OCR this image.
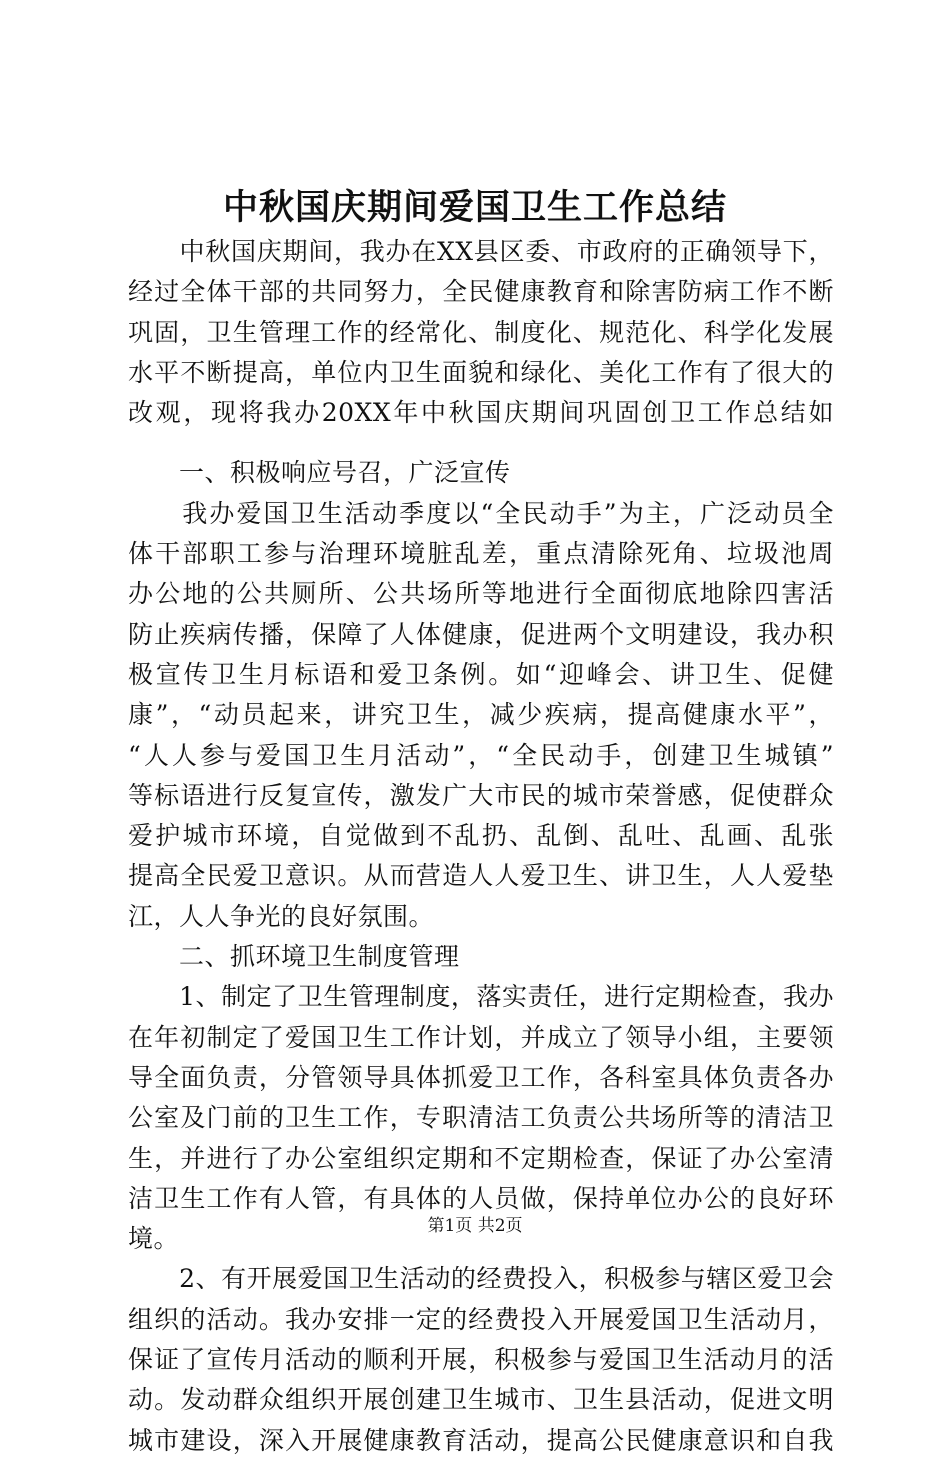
中秋国庆期间爱国卫生工作总结

　　中秋国庆期间，我办在XX县区委、市政府的正确领导下，

经过全体干部的共同努力，全民健康教育和除害防病工作不断

巩固，卫生管理工作的经常化、制度化、规范化、科学化发展

水平不断提高，单位内卫生面貌和绿化、美化工作有了很大的

改观，现将我办20XX年中秋国庆期间巩固创卫工作总结如

　　一、积极响应号召，广泛宣传

　　我办爱国卫生活动季度以“全民动手”为主，广泛动员全

体干部职工参与治理环境脏乱差，重点清除死角、垃圾池周

办公地的公共厕所、公共场所等地进行全面彻底地除四害活

防止疾病传播，保障了人体健康，促进两个文明建设，我办积

极宣传卫生月标语和爱卫条例。如“迎峰会、讲卫生、促健

康”，“动员起来，讲究卫生，减少疾病，提高健康水平”，

“人人参与爱国卫生月活动”，“全民动手，创建卫生城镇”

等标语进行反复宣传，激发广大市民的城市荣誉感，促使群众

爱护城市环境，自觉做到不乱扔、乱倒、乱吐、乱画、乱张

提高全民爱卫意识。从而营造人人爱卫生、讲卫生，人人爱垫

江，人人争光的良好氛围。

　　二、抓环境卫生制度管理

　　1、制定了卫生管理制度，落实责任，进行定期检查，我办

在年初制定了爱国卫生工作计划，并成立了领导小组，主要领

导全面负责，分管领导具体抓爱卫工作，各科室具体负责各办

公室及门前的卫生工作，专职清洁工负责公共场所等的清洁卫

生，并进行了办公室组织定期和不定期检查，保证了办公室清

洁卫生工作有人管，有具体的人员做，保持单位办公的良好环

境。

　　2、有开展爱国卫生活动的经费投入，积极参与辖区爱卫会

组织的活动。我办安排一定的经费投入开展爱国卫生活动月，

保证了宣传月活动的顺利开展，积极参与爱国卫生活动月的活

动。发动群众组织开展创建卫生城市、卫生县活动，促进文明

城市建设，深入开展健康教育活动，提高公民健康意识和自我

第1页 共2页
